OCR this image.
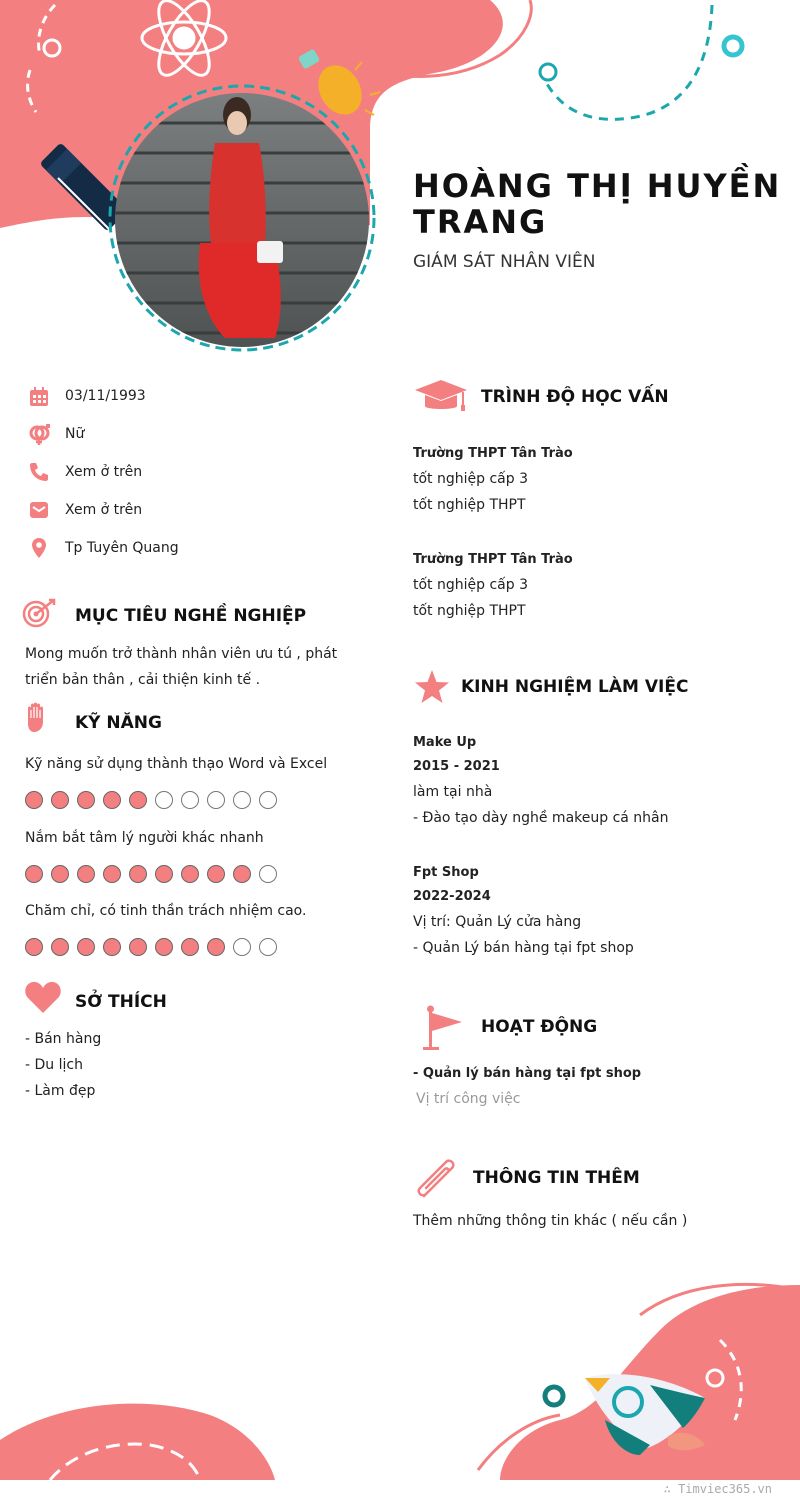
HOÀNG THỊ HUYỀN TRANG
GIÁM SÁT NHÂN VIÊN
03/11/1993
Nữ
Xem ở trên
Xem ở trên
Tp Tuyên Quang
MỤC TIÊU NGHỀ NGHIỆP
Mong muốn trở thành nhân viên ưu tú , phát
triển bản thân , cải thiện kinh tế .
KỸ NĂNG
Kỹ năng sử dụng thành thạo Word và Excel
Nắm bắt tâm lý người khác nhanh
Chăm chỉ, có tinh thần trách nhiệm cao.
SỞ THÍCH
- Bán hàng
- Du lịch
- Làm đẹp
TRÌNH ĐỘ HỌC VẤN
Trường THPT Tân Trào
tốt nghiệp cấp 3
tốt nghiệp THPT
Trường THPT Tân Trào
tốt nghiệp cấp 3
tốt nghiệp THPT
KINH NGHIỆM LÀM VIỆC
Make Up
2015 - 2021
làm tại nhà
- Đào tạo dày nghề makeup cá nhân
Fpt Shop
2022-2024
Vị trí: Quản Lý cửa hàng
- Quản Lý bán hàng tại fpt shop
HOẠT ĐỘNG
- Quản lý bán hàng tại fpt shop
Vị trí công việc
THÔNG TIN THÊM
Thêm những thông tin khác ( nếu cần )
∴ Timviec365.vn
